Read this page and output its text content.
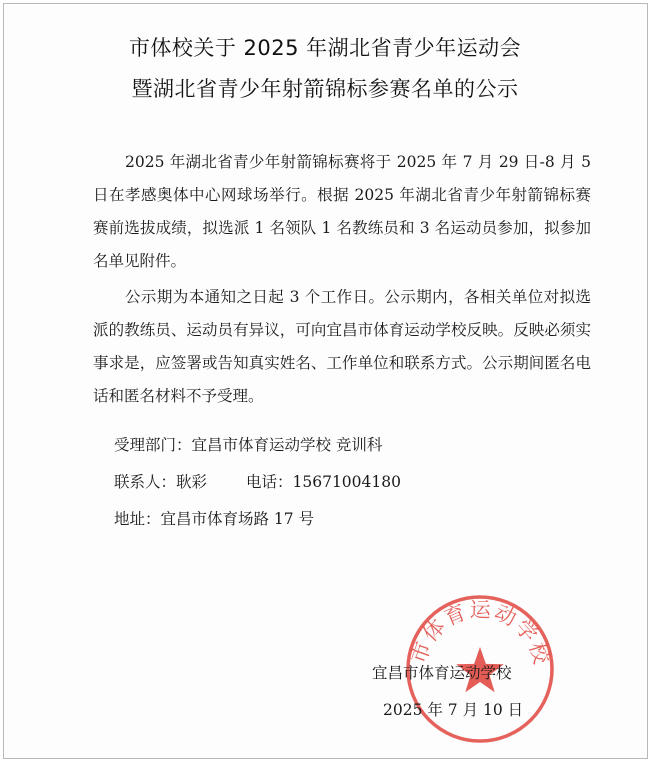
市体校关于 2025 年湖北省青少年运动会
暨湖北省青少年射箭锦标参赛名单的公示
2025 年湖北省青少年射箭锦标赛将于 2025 年 7 月 29 日-8 月 5 日在孝感奥体中心网球场举行。根据 2025 年湖北省青少年射箭锦标赛赛前选拔成绩，拟选派 1 名领队 1 名教练员和 3 名运动员参加，拟参加名单见附件。
公示期为本通知之日起 3 个工作日。公示期内，各相关单位对拟选派的教练员、运动员有异议，可向宜昌市体育运动学校反映。反映必须实事求是，应签署或告知真实姓名、工作单位和联系方式。公示期间匿名电话和匿名材料不予受理。
受理部门：宜昌市体育运动学校 竞训科
联系人：耿彩	电话：15671004180
地址：宜昌市体育场路 17 号
市体育运动学校
宜昌市体育运动学校
2025 年 7 月 10 日
